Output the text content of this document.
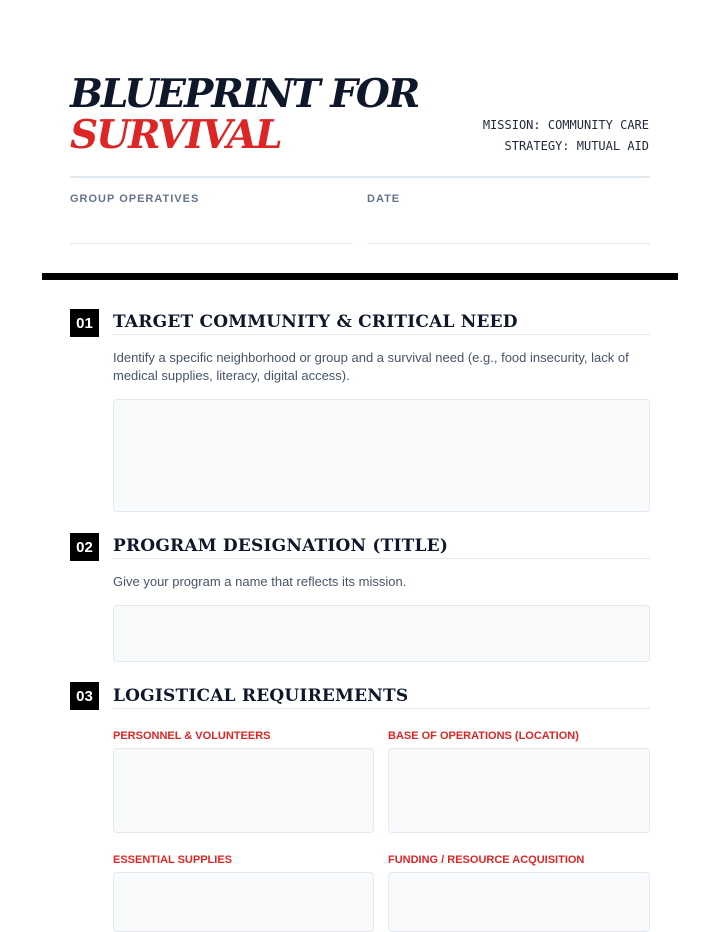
BLUEPRINT FOR
SURVIVAL	MISSION: COMMUNITY CARE
STRATEGY: MUTUAL AID
GROUP OPERATIVES	DATE
01	TARGET COMMUNITY & CRITICAL NEED
Identify a specific neighborhood or group and a survival need (e.g., food insecurity, lack of medical supplies, literacy, digital access).
02	PROGRAM DESIGNATION (TITLE)
Give your program a name that reflects its mission.
03	LOGISTICAL REQUIREMENTS
PERSONNEL & VOLUNTEERS	BASE OF OPERATIONS (LOCATION)
ESSENTIAL SUPPLIES	FUNDING / RESOURCE ACQUISITION
